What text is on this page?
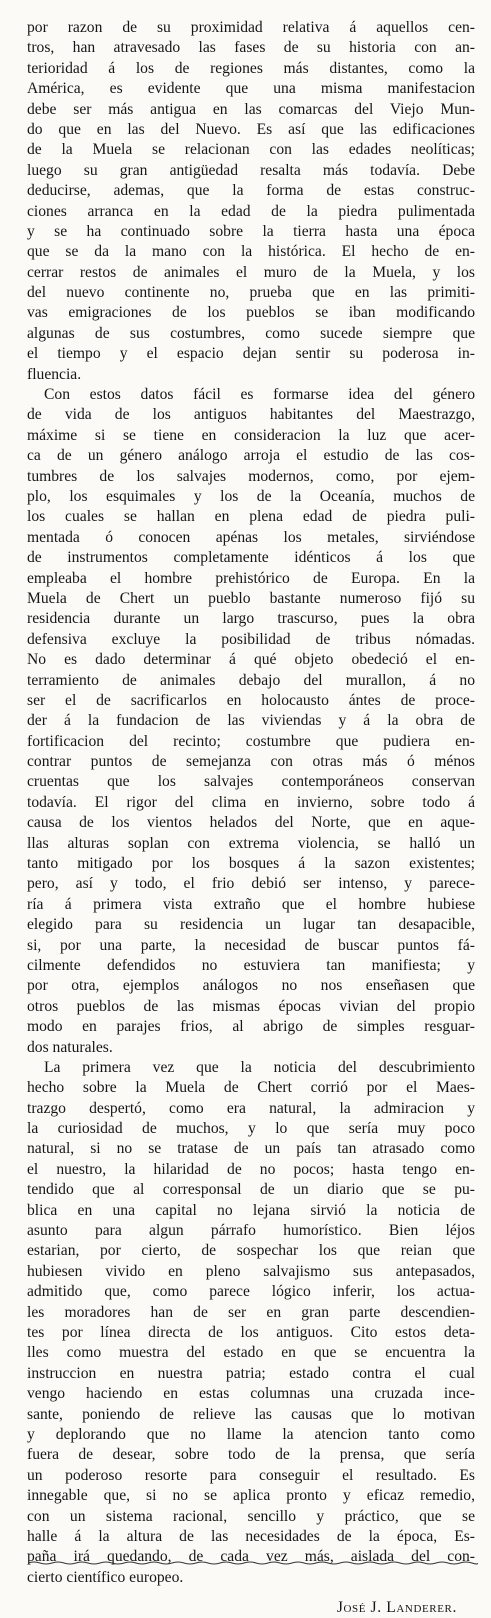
por razon de su proximidad relativa á aquellos cen-
tros, han atravesado las fases de su historia con an-
terioridad á los de regiones más distantes, como la
América, es evidente que una misma manifestacion
debe ser más antigua en las comarcas del Viejo Mun-
do que en las del Nuevo. Es así que las edificaciones
de la Muela se relacionan con las edades neolíticas;
luego su gran antigüedad resalta más todavía. Debe
deducirse, ademas, que la forma de estas construc-
ciones arranca en la edad de la piedra pulimentada
y se ha continuado sobre la tierra hasta una época
que se da la mano con la histórica. El hecho de en-
cerrar restos de animales el muro de la Muela, y los
del nuevo continente no, prueba que en las primiti-
vas emigraciones de los pueblos se iban modificando
algunas de sus costumbres, como sucede siempre que
el tiempo y el espacio dejan sentir su poderosa in-
fluencia.
Con estos datos fácil es formarse idea del género
de vida de los antiguos habitantes del Maestrazgo,
máxime si se tiene en consideracion la luz que acer-
ca de un género análogo arroja el estudio de las cos-
tumbres de los salvajes modernos, como, por ejem-
plo, los esquimales y los de la Oceanía, muchos de
los cuales se hallan en plena edad de piedra puli-
mentada ó conocen apénas los metales, sirviéndose
de instrumentos completamente idénticos á los que
empleaba el hombre prehistórico de Europa. En la
Muela de Chert un pueblo bastante numeroso fijó su
residencia durante un largo trascurso, pues la obra
defensiva excluye la posibilidad de tribus nómadas.
No es dado determinar á qué objeto obedeció el en-
terramiento de animales debajo del murallon, á no
ser el de sacrificarlos en holocausto ántes de proce-
der á la fundacion de las viviendas y á la obra de
fortificacion del recinto; costumbre que pudiera en-
contrar puntos de semejanza con otras más ó ménos
cruentas que los salvajes contemporáneos conservan
todavía. El rigor del clima en invierno, sobre todo á
causa de los vientos helados del Norte, que en aque-
llas alturas soplan con extrema violencia, se halló un
tanto mitigado por los bosques á la sazon existentes;
pero, así y todo, el frio debió ser intenso, y parece-
ría á primera vista extraño que el hombre hubiese
elegido para su residencia un lugar tan desapacible,
si, por una parte, la necesidad de buscar puntos fá-
cilmente defendidos no estuviera tan manifiesta; y
por otra, ejemplos análogos no nos enseñasen que
otros pueblos de las mismas épocas vivian del propio
modo en parajes frios, al abrigo de simples resguar-
dos naturales.
La primera vez que la noticia del descubrimiento
hecho sobre la Muela de Chert corrió por el Maes-
trazgo despertó, como era natural, la admiracion y
la curiosidad de muchos, y lo que sería muy poco
natural, si no se tratase de un país tan atrasado como
el nuestro, la hilaridad de no pocos; hasta tengo en-
tendido que al corresponsal de un diario que se pu-
blica en una capital no lejana sirvió la noticia de
asunto para algun párrafo humorístico. Bien léjos
estarian, por cierto, de sospechar los que reian que
hubiesen vivido en pleno salvajismo sus antepasados,
admitido que, como parece lógico inferir, los actua-
les moradores han de ser en gran parte descendien-
tes por línea directa de los antiguos. Cito estos deta-
lles como muestra del estado en que se encuentra la
instruccion en nuestra patria; estado contra el cual
vengo haciendo en estas columnas una cruzada ince-
sante, poniendo de relieve las causas que lo motivan
y deplorando que no llame la atencion tanto como
fuera de desear, sobre todo de la prensa, que sería
un poderoso resorte para conseguir el resultado. Es
innegable que, si no se aplica pronto y eficaz remedio,
con un sistema racional, sencillo y práctico, que se
halle á la altura de las necesidades de la época, Es-
paña irá quedando, de cada vez más, aislada del con-
cierto científico europeo.
José J. Landerer.
